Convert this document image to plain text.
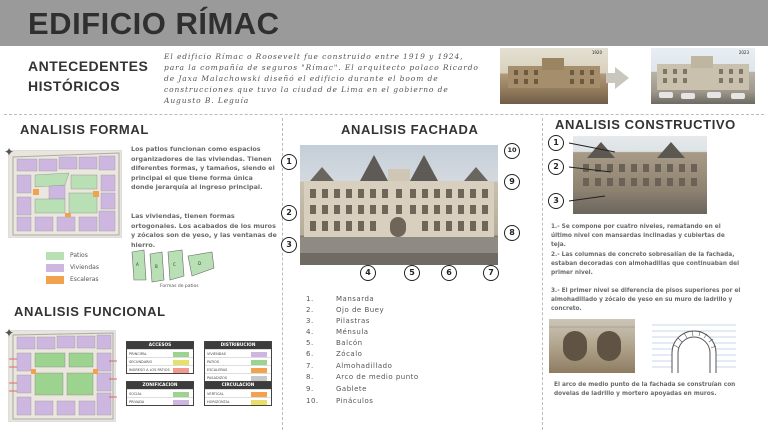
EDIFICIO RÍMAC
ANTECEDENTES
HISTÓRICOS
El edificio Rímac o Roosevelt fue construido entre 1919 y 1924, para la compañía de seguros "Rímac". El arquitecto polaco Ricardo de Jaxa Malachowski diseñó el edificio durante el boom de construcciones que tuvo la ciudad de Lima en el gobierno de Augusto B. Leguía
1920	2023
ANALISIS FORMAL
✦	Los patios funcionan como espacios organizadores de las viviendas. Tienen diferentes formas, y tamaños, siendo el principal el que tiene forma única donde jerarquía al ingreso principal.
Las viviendas, tienen formas ortogonales. Los acabados de los muros y zócalos son de yeso, y las ventanas de hierro.
Patios
Viviendas
Escaleras
A	B	C	D
Formas de patios
ANALISIS FUNCIONAL
✦
ACCESOS
PRINCIPAL
SECUNDARIO
INGRESO A LOS PATIOS
DISTRIBUCION
VIVIENDAS
PATIOS
ESCALERAS
PASADIZOS
ZONIFICACION
SOCIAL
PRIVADA
CIRCULACION
VERTICAL
HORIZONTAL
ANALISIS FACHADA
1
2
3
4	5	6	7
8
9
10
1.	Mansarda
2.	Ojo de Buey
3.	Pilastras
4.	Ménsula
5.	Balcón
6.	Zócalo
7.	Almohadillado
8.	Arco de medio punto
9.	Gablete
10. Pináculos
ANALISIS CONSTRUCTIVO
1
2
3
1.- Se compone por cuatro niveles, rematando en el último nivel con mansardas inclinadas y cubiertas de teja.
2.- Las columnas de concreto sobresalían de la fachada, estaban decoradas con almohadillas que continuaban del primer nivel.
3.- El primer nivel se diferencia de pisos superiores por el almohadillado y zócalo de yeso en su muro de ladrillo y concreto.
El arco de medio punto de la fachada se construían con dovelas de ladrillo y mortero apoyadas en muros.
